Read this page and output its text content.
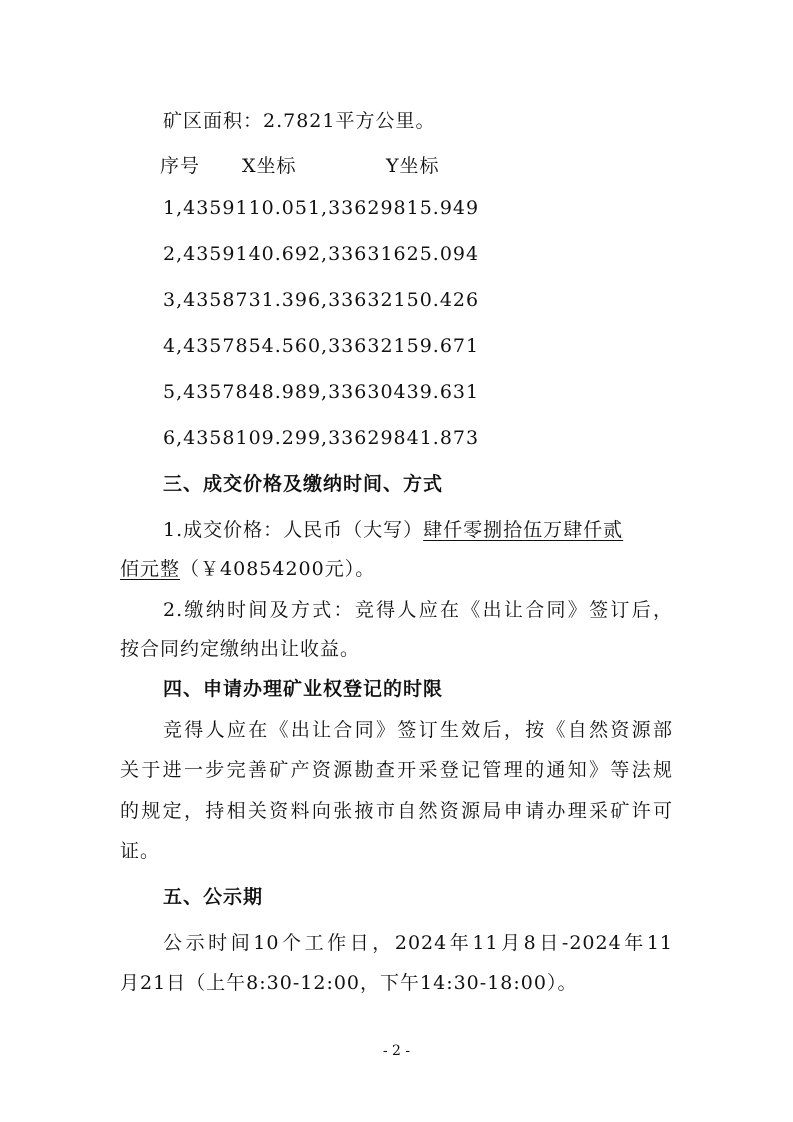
矿区面积：2.7821平方公里。
序号 X坐标	Y坐标
1,4359110.051,33629815.949
2,4359140.692,33631625.094
3,4358731.396,33632150.426
4,4357854.560,33632159.671
5,4357848.989,33630439.631
6,4358109.299,33629841.873
三、成交价格及缴纳时间、方式
1.成交价格：人民币（大写）肆仟零捌拾伍万肆仟贰
佰元整（￥40854200元）。
2.缴纳时间及方式：竞得人应在《出让合同》签订后，
按合同约定缴纳出让收益。
四、申请办理矿业权登记的时限
竞得人应在《出让合同》签订生效后，按《自然资源部
关于进一步完善矿产资源勘查开采登记管理的通知》等法规
的规定，持相关资料向张掖市自然资源局申请办理采矿许可
证。
五、公示期
公示时间10个工作日，2024年11月8日-2024年11
月21日（上午8:30-12:00，下午14:30-18:00）。
- 2 -
